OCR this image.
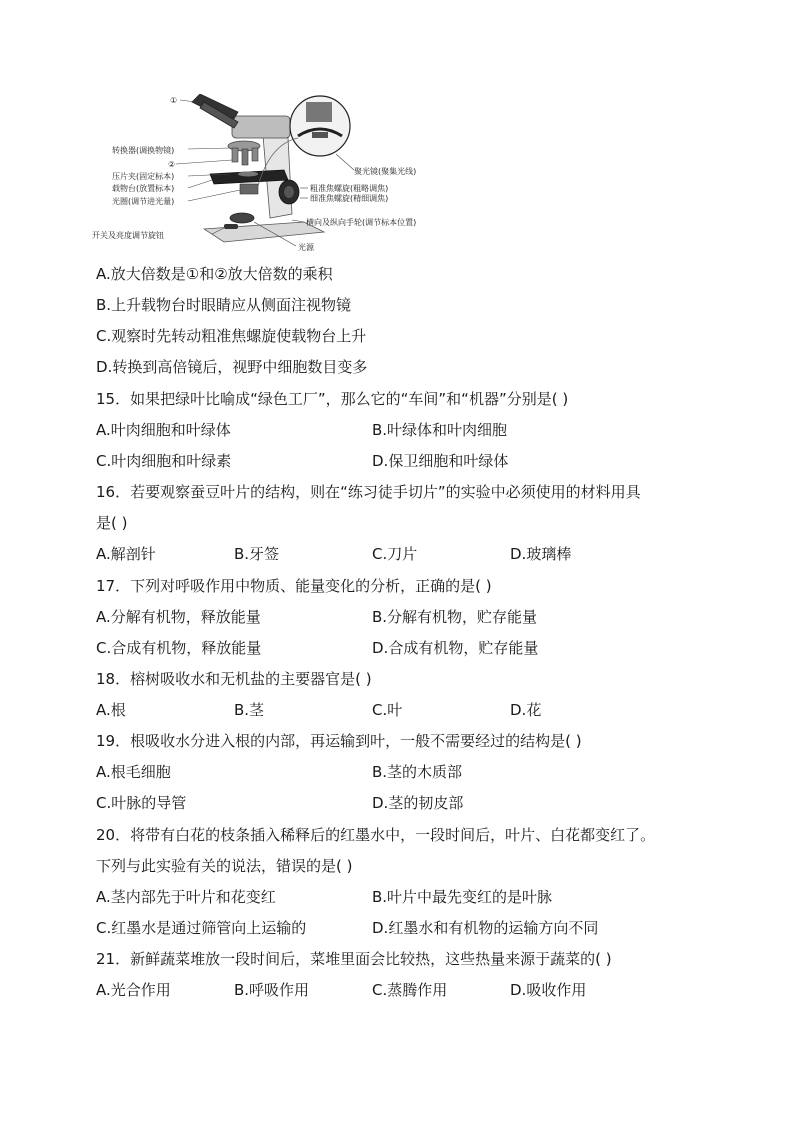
①
转换器(调换物镜)
②
压片夹(固定标本)
载物台(放置标本)
光圈(调节进光量)
开关及亮度调节旋钮
聚光镜(聚集光线)
粗准焦螺旋(粗略调焦)
细准焦螺旋(精细调焦)
横向及纵向手轮(调节标本位置)
光源
A.放大倍数是①和②放大倍数的乘积
B.上升载物台时眼睛应从侧面注视物镜
C.观察时先转动粗准焦螺旋使载物台上升
D.转换到高倍镜后，视野中细胞数目变多
15．如果把绿叶比喻成“绿色工厂”，那么它的“车间”和“机器”分别是( )
A.叶肉细胞和叶绿体	B.叶绿体和叶肉细胞
C.叶肉细胞和叶绿素	D.保卫细胞和叶绿体
16．若要观察蚕豆叶片的结构，则在“练习徒手切片”的实验中必须使用的材料用具
是( )
A.解剖针	B.牙签	C.刀片	D.玻璃棒
17．下列对呼吸作用中物质、能量变化的分析，正确的是( )
A.分解有机物，释放能量	B.分解有机物，贮存能量
C.合成有机物，释放能量	D.合成有机物，贮存能量
18．榕树吸收水和无机盐的主要器官是( )
A.根	B.茎	C.叶	D.花
19．根吸收水分进入根的内部，再运输到叶，一般不需要经过的结构是( )
A.根毛细胞	B.茎的木质部
C.叶脉的导管	D.茎的韧皮部
20．将带有白花的枝条插入稀释后的红墨水中，一段时间后，叶片、白花都变红了。
下列与此实验有关的说法，错误的是( )
A.茎内部先于叶片和花变红	B.叶片中最先变红的是叶脉
C.红墨水是通过筛管向上运输的	D.红墨水和有机物的运输方向不同
21．新鲜蔬菜堆放一段时间后，菜堆里面会比较热，这些热量来源于蔬菜的( )
A.光合作用	B.呼吸作用	C.蒸腾作用	D.吸收作用
